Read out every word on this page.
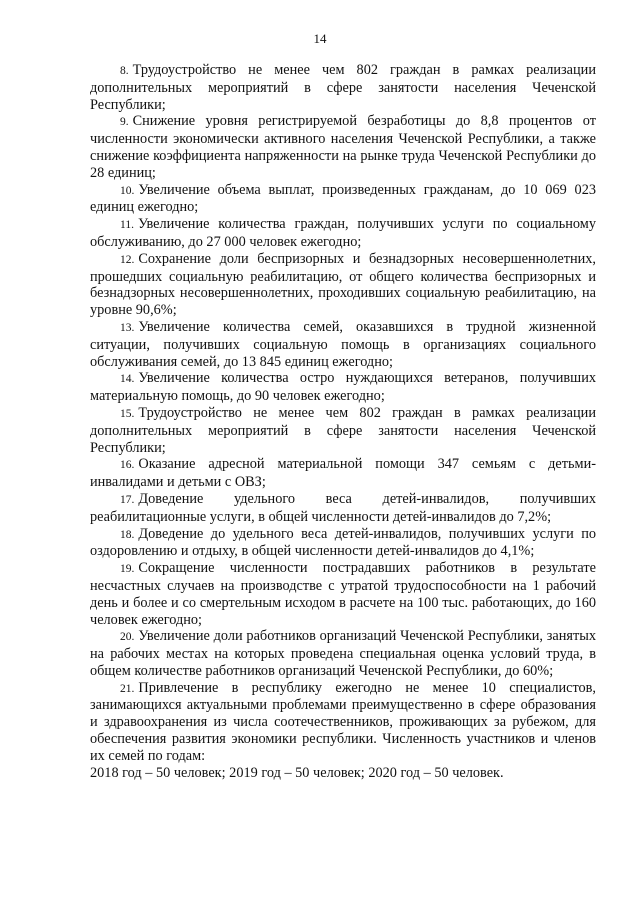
14

8. Трудоустройство не менее чем 802 граждан в рамках реализации дополнительных мероприятий в сфере занятости населения Чеченской Республики;

9. Снижение уровня регистрируемой безработицы до 8,8 процентов от численности экономически активного населения Чеченской Республики, а также снижение коэффициента напряженности на рынке труда Чеченской Республики до 28 единиц;

10. Увеличение объема выплат, произведенных гражданам, до 10 069 023 единиц ежегодно;

11. Увеличение количества граждан, получивших услуги по социальному обслуживанию, до 27 000 человек ежегодно;

12. Сохранение доли беспризорных и безнадзорных несовершеннолетних, прошедших социальную реабилитацию, от общего количества беспризорных и безнадзорных несовершеннолетних, проходивших социальную реабилитацию, на уровне 90,6%;

13. Увеличение количества семей, оказавшихся в трудной жизненной ситуации, получивших социальную помощь в организациях социального обслуживания семей, до 13 845 единиц ежегодно;

14. Увеличение количества остро нуждающихся ветеранов, получивших материальную помощь, до 90 человек ежегодно;

15. Трудоустройство не менее чем 802 граждан в рамках реализации дополнительных мероприятий в сфере занятости населения Чеченской Республики;

16. Оказание адресной материальной помощи 347 семьям с детьми-инвалидами и детьми с ОВЗ;

17. Доведение удельного веса детей-инвалидов, получивших реабилитационные услуги, в общей численности детей-инвалидов до 7,2%;

18. Доведение до удельного веса детей-инвалидов, получивших услуги по оздоровлению и отдыху, в общей численности детей-инвалидов до 4,1%;

19. Сокращение численности пострадавших работников в результате несчастных случаев на производстве с утратой трудоспособности на 1 рабочий день и более и со смертельным исходом в расчете на 100 тыс. работающих, до 160 человек ежегодно;

20. Увеличение доли работников организаций Чеченской Республики, занятых на рабочих местах на которых проведена специальная оценка условий труда, в общем количестве работников организаций Чеченской Республики, до 60%;

21. Привлечение в республику ежегодно не менее 10 специалистов, занимающихся актуальными проблемами преимущественно в сфере образования и здравоохранения из числа соотечественников, проживающих за рубежом, для обеспечения развития экономики республики. Численность участников и членов их семей по годам:

2018 год – 50 человек; 2019 год – 50 человек; 2020 год – 50 человек.
